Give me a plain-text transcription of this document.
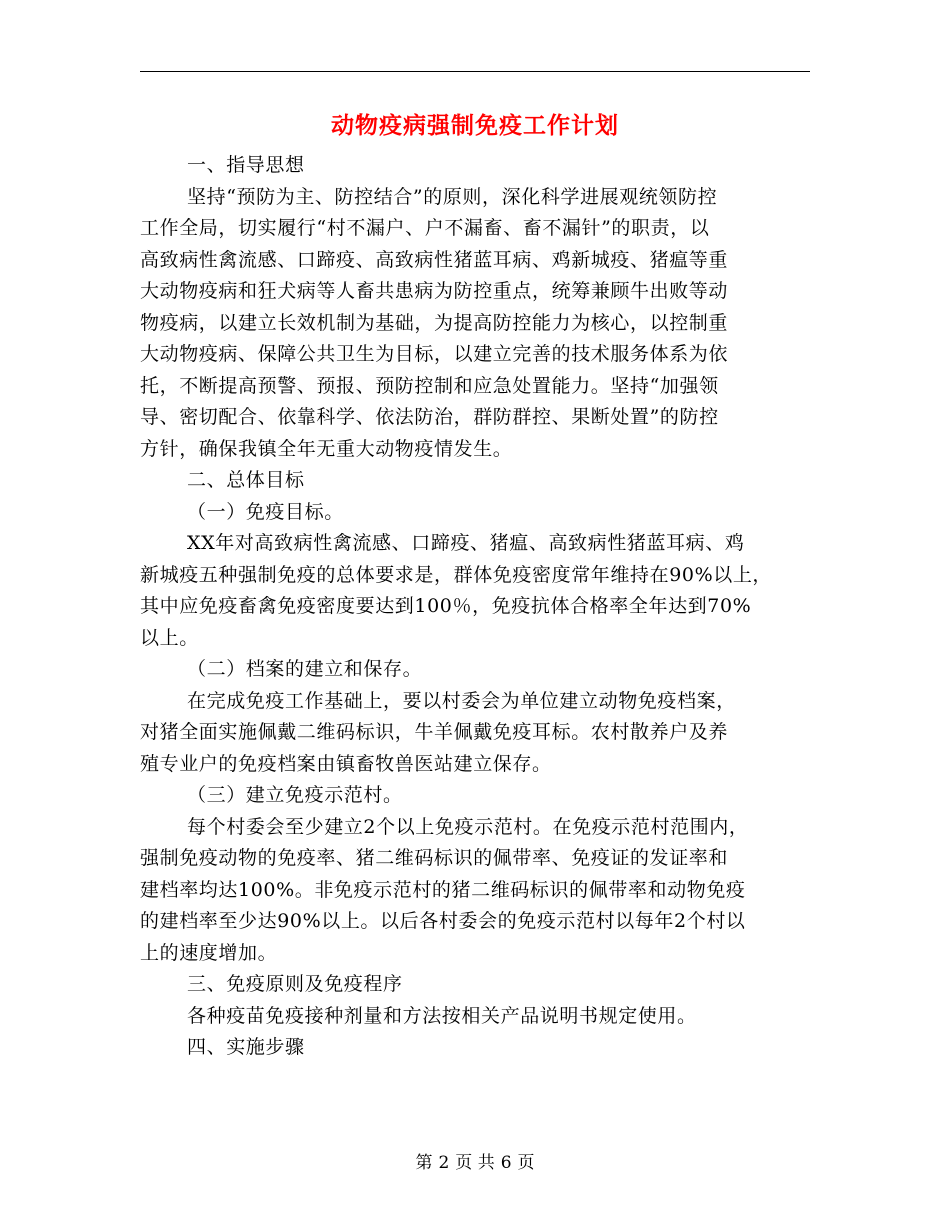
动物疫病强制免疫工作计划
一、指导思想
坚持“预防为主、防控结合”的原则，深化科学进展观统领防控
工作全局，切实履行“村不漏户、户不漏畜、畜不漏针”的职责，以
高致病性禽流感、口蹄疫、高致病性猪蓝耳病、鸡新城疫、猪瘟等重
大动物疫病和狂犬病等人畜共患病为防控重点，统筹兼顾牛出败等动
物疫病，以建立长效机制为基础，为提高防控能力为核心，以控制重
大动物疫病、保障公共卫生为目标，以建立完善的技术服务体系为依
托，不断提高预警、预报、预防控制和应急处置能力。坚持“加强领
导、密切配合、依靠科学、依法防治，群防群控、果断处置”的防控
方针，确保我镇全年无重大动物疫情发生。
二、总体目标
（一）免疫目标。
XX年对高致病性禽流感、口蹄疫、猪瘟、高致病性猪蓝耳病、鸡
新城疫五种强制免疫的总体要求是，群体免疫密度常年维持在90%以上，
其中应免疫畜禽免疫密度要达到100％，免疫抗体合格率全年达到70%
以上。
（二）档案的建立和保存。
在完成免疫工作基础上，要以村委会为单位建立动物免疫档案，
对猪全面实施佩戴二维码标识，牛羊佩戴免疫耳标。农村散养户及养
殖专业户的免疫档案由镇畜牧兽医站建立保存。
（三）建立免疫示范村。
每个村委会至少建立2个以上免疫示范村。在免疫示范村范围内，
强制免疫动物的免疫率、猪二维码标识的佩带率、免疫证的发证率和
建档率均达100%。非免疫示范村的猪二维码标识的佩带率和动物免疫
的建档率至少达90%以上。以后各村委会的免疫示范村以每年2个村以
上的速度增加。
三、免疫原则及免疫程序
各种疫苗免疫接种剂量和方法按相关产品说明书规定使用。
四、实施步骤
第 2 页 共 6 页
